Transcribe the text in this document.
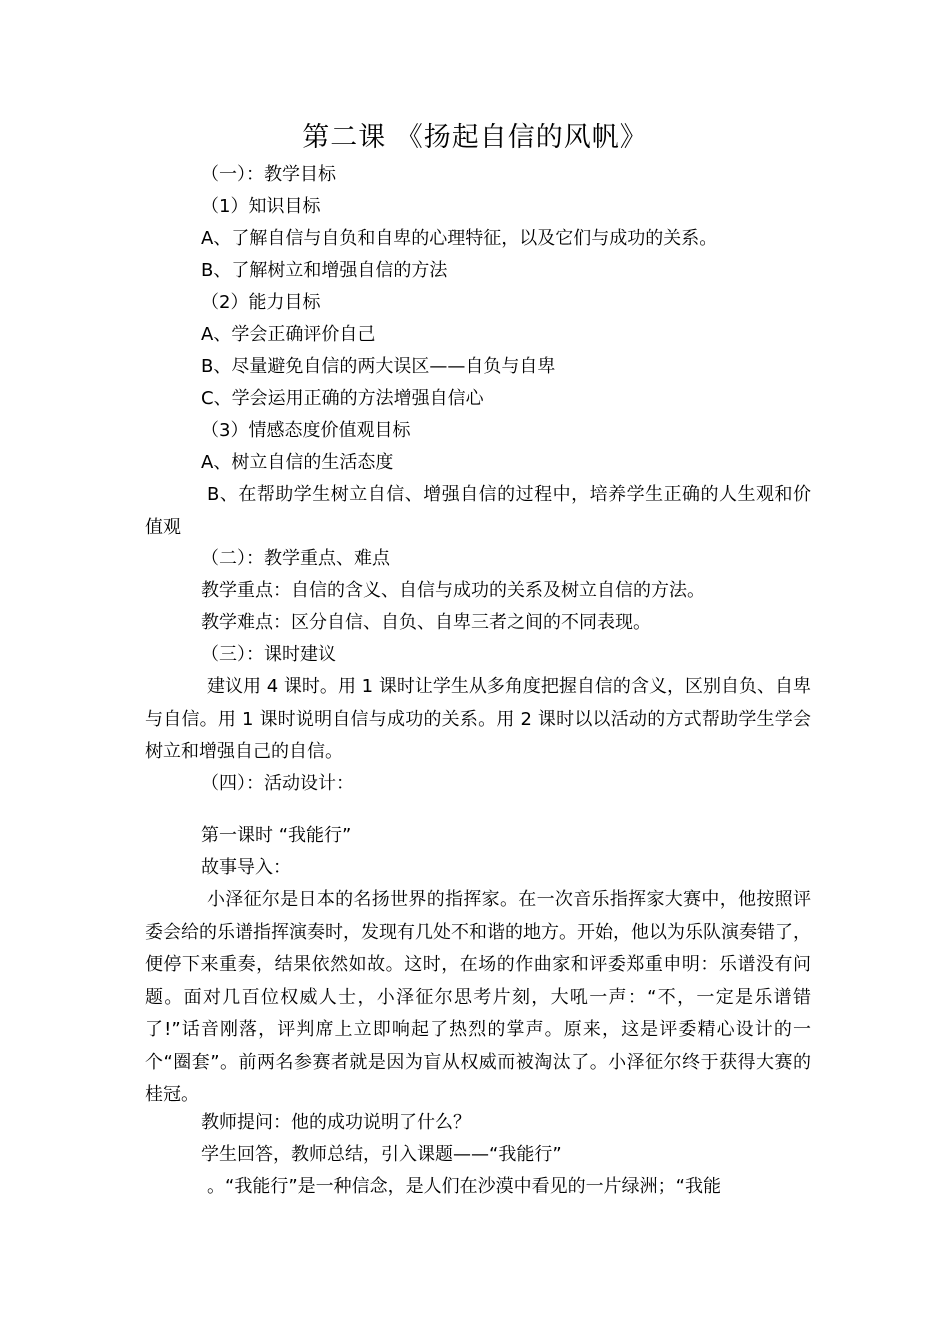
第二课 《扬起自信的风帆》
（一）：教学目标
（1）知识目标
A、了解自信与自负和自卑的心理特征，以及它们与成功的关系。
B、了解树立和增强自信的方法
（2）能力目标
A、学会正确评价自己
B、尽量避免自信的两大误区——自负与自卑
C、学会运用正确的方法增强自信心
（3）情感态度价值观目标
A、树立自信的生活态度
B、在帮助学生树立自信、增强自信的过程中，培养学生正确的人生观和价值观
（二）：教学重点、难点
教学重点：自信的含义、自信与成功的关系及树立自信的方法。
教学难点：区分自信、自负、自卑三者之间的不同表现。
（三）：课时建议
建议用 4 课时。用 1 课时让学生从多角度把握自信的含义，区别自负、自卑与自信。用 1 课时说明自信与成功的关系。用 2 课时以以活动的方式帮助学生学会树立和增强自己的自信。
（四）：活动设计：
第一课时 “我能行”
故事导入：
小泽征尔是日本的名扬世界的指挥家。在一次音乐指挥家大赛中，他按照评委会给的乐谱指挥演奏时，发现有几处不和谐的地方。开始，他以为乐队演奏错了，便停下来重奏，结果依然如故。这时，在场的作曲家和评委郑重申明：乐谱没有问题。面对几百位权威人士，小泽征尔思考片刻，大吼一声：“不，一定是乐谱错了!”话音刚落，评判席上立即响起了热烈的掌声。原来，这是评委精心设计的一个“圈套”。前两名参赛者就是因为盲从权威而被淘汰了。小泽征尔终于获得大赛的桂冠。
教师提问：他的成功说明了什么？
学生回答，教师总结，引入课题——“我能行”
。“我能行”是一种信念，是人们在沙漠中看见的一片绿洲；“我能
